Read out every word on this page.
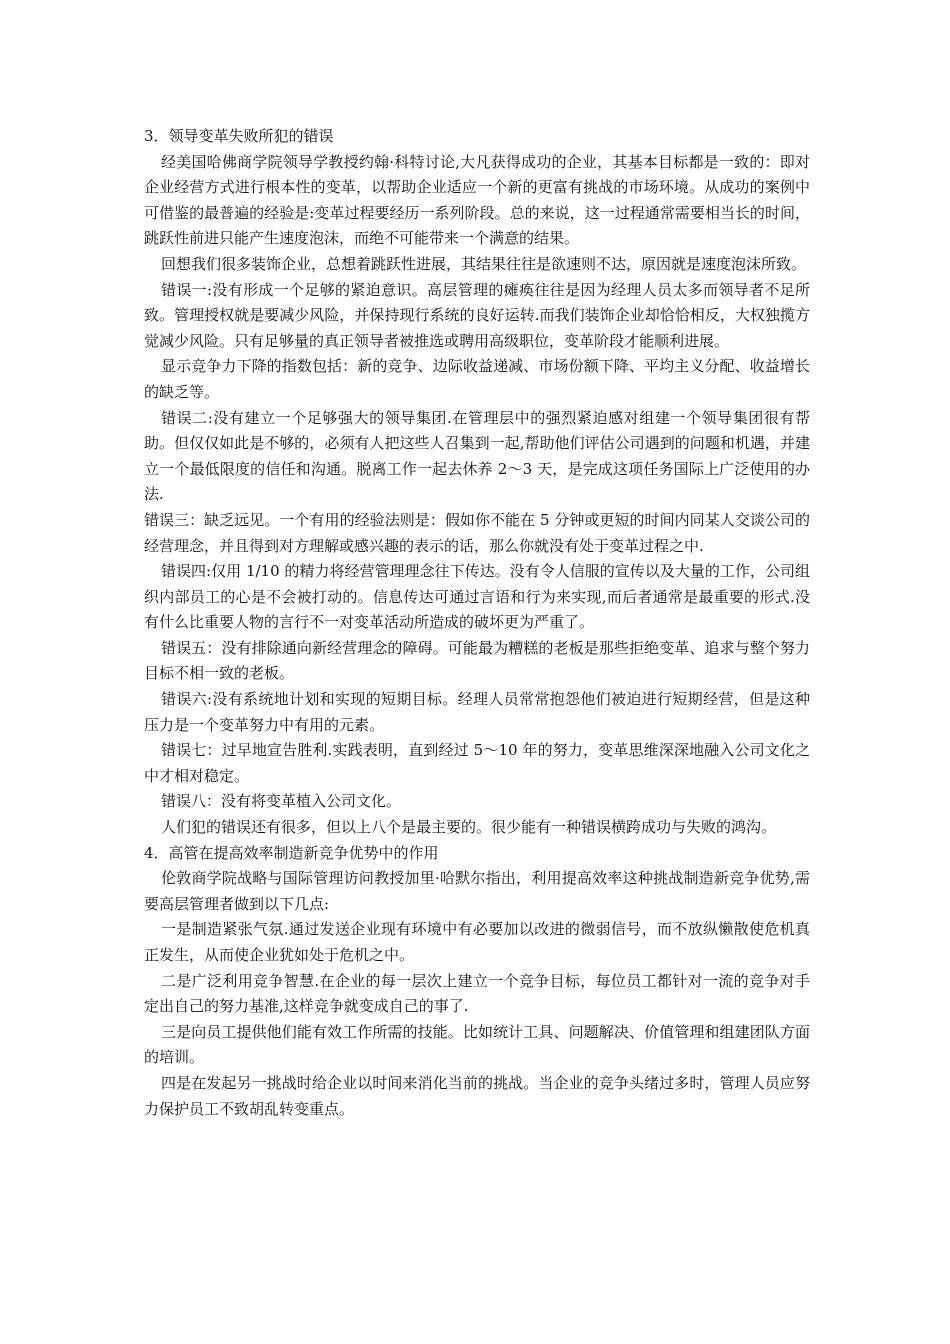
3．领导变革失败所犯的错误

经美国哈佛商学院领导学教授约翰·科特讨论,大凡获得成功的企业，其基本目标都是一致的：即对企业经营方式进行根本性的变革，以帮助企业适应一个新的更富有挑战的市场环境。从成功的案例中可借鉴的最普遍的经验是:变革过程要经历一系列阶段。总的来说，这一过程通常需要相当长的时间，跳跃性前进只能产生速度泡沫，而绝不可能带来一个满意的结果。

回想我们很多装饰企业，总想着跳跃性进展，其结果往往是欲速则不达，原因就是速度泡沫所致。

错误一:没有形成一个足够的紧迫意识。高层管理的瘫痪往往是因为经理人员太多而领导者不足所致。管理授权就是要减少风险，并保持现行系统的良好运转.而我们装饰企业却恰恰相反，大权独揽方觉减少风险。只有足够量的真正领导者被推选或聘用高级职位，变革阶段才能顺利进展。

显示竞争力下降的指数包括：新的竞争、边际收益递减、市场份额下降、平均主义分配、收益增长的缺乏等。

错误二:没有建立一个足够强大的领导集团.在管理层中的强烈紧迫感对组建一个领导集团很有帮助。但仅仅如此是不够的，必须有人把这些人召集到一起,帮助他们评估公司遇到的问题和机遇，并建立一个最低限度的信任和沟通。脱离工作一起去休养 2～3 天，是完成这项任务国际上广泛使用的办法.

错误三：缺乏远见。一个有用的经验法则是：假如你不能在 5 分钟或更短的时间内同某人交谈公司的经营理念，并且得到对方理解或感兴趣的表示的话，那么你就没有处于变革过程之中.

错误四:仅用 1/10 的精力将经营管理理念往下传达。没有令人信服的宣传以及大量的工作，公司组织内部员工的心是不会被打动的。信息传达可通过言语和行为来实现,而后者通常是最重要的形式.没有什么比重要人物的言行不一对变革活动所造成的破坏更为严重了。

错误五：没有排除通向新经营理念的障碍。可能最为糟糕的老板是那些拒绝变革、追求与整个努力目标不相一致的老板。

错误六:没有系统地计划和实现的短期目标。经理人员常常抱怨他们被迫进行短期经营，但是这种压力是一个变革努力中有用的元素。

错误七：过早地宣告胜利.实践表明，直到经过 5～10 年的努力，变革思维深深地融入公司文化之中才相对稳定。

错误八：没有将变革植入公司文化。

人们犯的错误还有很多，但以上八个是最主要的。很少能有一种错误横跨成功与失败的鸿沟。

4．高管在提高效率制造新竞争优势中的作用

伦敦商学院战略与国际管理访问教授加里·哈默尔指出，利用提高效率这种挑战制造新竞争优势,需要高层管理者做到以下几点:

一是制造紧张气氛.通过发送企业现有环境中有必要加以改进的微弱信号，而不放纵懒散使危机真正发生，从而使企业犹如处于危机之中。

二是广泛利用竞争智慧.在企业的每一层次上建立一个竞争目标，每位员工都针对一流的竞争对手定出自己的努力基准,这样竞争就变成自己的事了.

三是向员工提供他们能有效工作所需的技能。比如统计工具、问题解决、价值管理和组建团队方面的培训。

四是在发起另一挑战时给企业以时间来消化当前的挑战。当企业的竞争头绪过多时，管理人员应努力保护员工不致胡乱转变重点。
